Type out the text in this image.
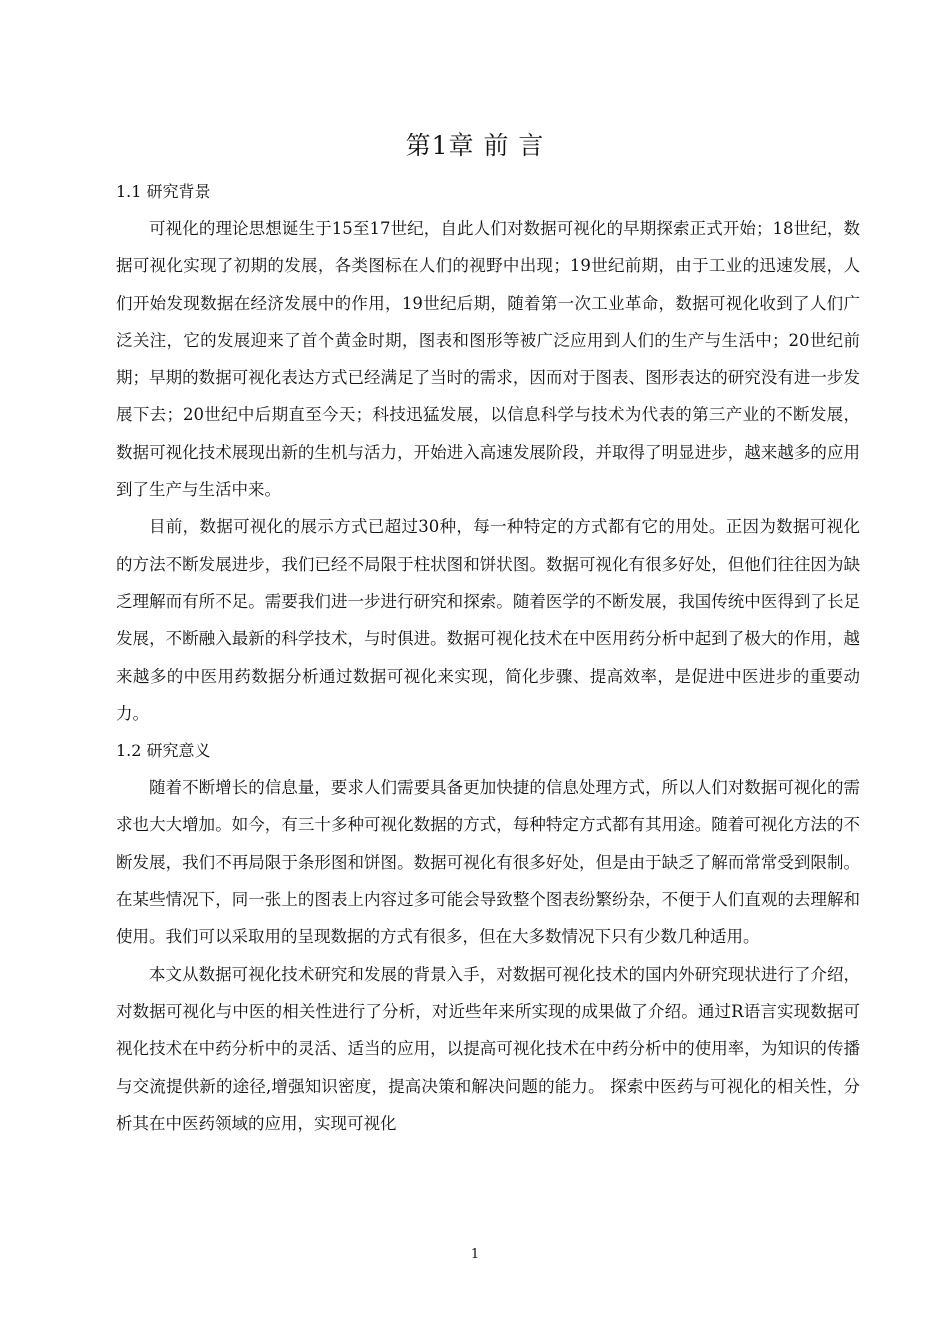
第1章 前 言
1.1 研究背景

可视化的理论思想诞生于15至17世纪，自此人们对数据可视化的早期探索正式开始；18世纪，数据可视化实现了初期的发展，各类图标在人们的视野中出现；19世纪前期，由于工业的迅速发展，人们开始发现数据在经济发展中的作用，19世纪后期，随着第一次工业革命，数据可视化收到了人们广泛关注，它的发展迎来了首个黄金时期，图表和图形等被广泛应用到人们的生产与生活中；20世纪前期；早期的数据可视化表达方式已经满足了当时的需求，因而对于图表、图形表达的研究没有进一步发展下去；20世纪中后期直至今天；科技迅猛发展，以信息科学与技术为代表的第三产业的不断发展，数据可视化技术展现出新的生机与活力，开始进入高速发展阶段，并取得了明显进步，越来越多的应用到了生产与生活中来。

目前，数据可视化的展示方式已超过30种，每一种特定的方式都有它的用处。正因为数据可视化的方法不断发展进步，我们已经不局限于柱状图和饼状图。数据可视化有很多好处，但他们往往因为缺乏理解而有所不足。需要我们进一步进行研究和探索。随着医学的不断发展，我国传统中医得到了长足发展，不断融入最新的科学技术，与时俱进。数据可视化技术在中医用药分析中起到了极大的作用，越来越多的中医用药数据分析通过数据可视化来实现，简化步骤、提高效率，是促进中医进步的重要动力。

1.2 研究意义

随着不断增长的信息量，要求人们需要具备更加快捷的信息处理方式，所以人们对数据可视化的需求也大大增加。如今，有三十多种可视化数据的方式，每种特定方式都有其用途。随着可视化方法的不断发展，我们不再局限于条形图和饼图。数据可视化有很多好处，但是由于缺乏了解而常常受到限制。在某些情况下，同一张上的图表上内容过多可能会导致整个图表纷繁纷杂，不便于人们直观的去理解和使用。我们可以采取用的呈现数据的方式有很多，但在大多数情况下只有少数几种适用。

本文从数据可视化技术研究和发展的背景入手，对数据可视化技术的国内外研究现状进行了介绍，对数据可视化与中医的相关性进行了分析，对近些年来所实现的成果做了介绍。通过R语言实现数据可视化技术在中药分析中的灵活、适当的应用，以提高可视化技术在中药分析中的使用率，为知识的传播与交流提供新的途径,增强知识密度，提高决策和解决问题的能力。 探索中医药与可视化的相关性，分析其在中医药领域的应用，实现可视化

1
